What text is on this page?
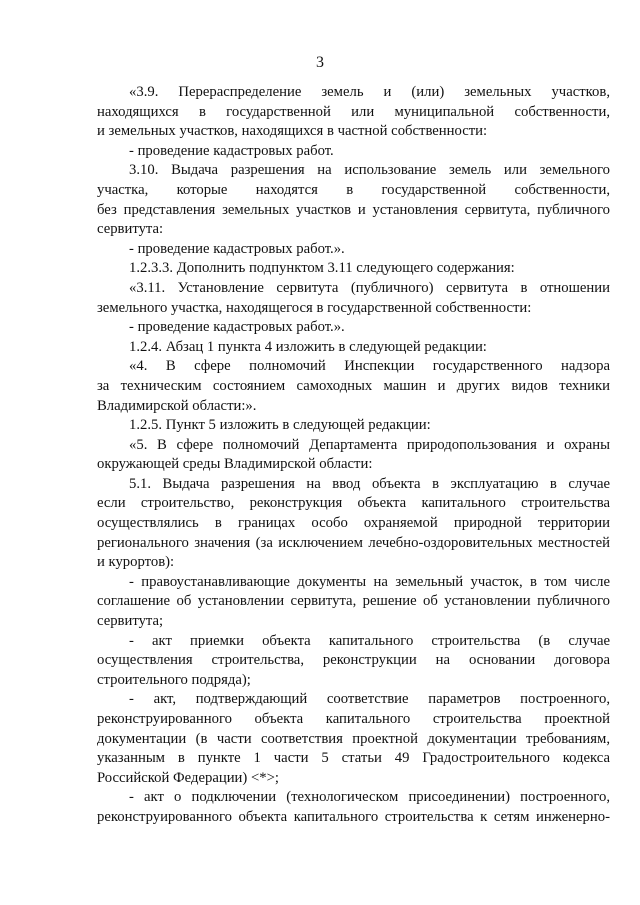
3
«3.9. Перераспределение земель и (или) земельных участков,
находящихся в государственной или муниципальной собственности,
и земельных участков, находящихся в частной собственности:
- проведение кадастровых работ.
3.10. Выдача разрешения на использование земель или земельного
участка, которые находятся в государственной собственности,
без представления земельных участков и установления сервитута, публичного
сервитута:
- проведение кадастровых работ.».
1.2.3.3. Дополнить подпунктом 3.11 следующего содержания:
«3.11. Установление сервитута (публичного) сервитута в отношении
земельного участка, находящегося в государственной собственности:
- проведение кадастровых работ.».
1.2.4. Абзац 1 пункта 4 изложить в следующей редакции:
«4. В сфере полномочий Инспекции государственного надзора
за техническим состоянием самоходных машин и других видов техники
Владимирской области:».
1.2.5. Пункт 5 изложить в следующей редакции:
«5. В сфере полномочий Департамента природопользования и охраны
окружающей среды Владимирской области:
5.1. Выдача разрешения на ввод объекта в эксплуатацию в случае
если строительство, реконструкция объекта капитального строительства
осуществлялись в границах особо охраняемой природной территории
регионального значения (за исключением лечебно-оздоровительных местностей
и курортов):
- правоустанавливающие документы на земельный участок, в том числе
соглашение об установлении сервитута, решение об установлении публичного
сервитута;
- акт приемки объекта капитального строительства (в случае
осуществления строительства, реконструкции на основании договора
строительного подряда);
- акт, подтверждающий соответствие параметров построенного,
реконструированного объекта капитального строительства проектной
документации (в части соответствия проектной документации требованиям,
указанным в пункте 1 части 5 статьи 49 Градостроительного кодекса
Российской Федерации) <*>;
- акт о подключении (технологическом присоединении) построенного,
реконструированного объекта капитального строительства к сетям инженерно-
